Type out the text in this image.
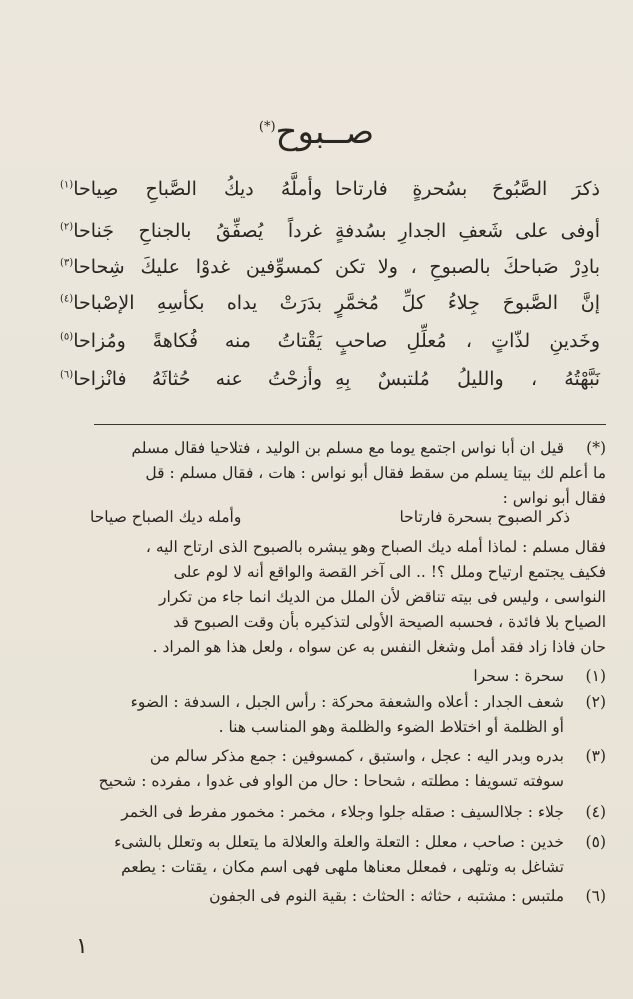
صــبوح(*)
ذكرَ الصَّبُوحَ بسُحرةٍ فارتاحا
وأملَّهُ ديكُ الصَّباحِ صِياحا$^{(١)}$
أوفى على شَعفِ الجدارِ بسُدفةٍ
غرداً يُصفِّقُ بالجناحِ جَناحا$^{(٢)}$
بادِرْ صَباحكَ بالصبوحِ ، ولا تكن
كمسوِّفين غدوْا عليكَ شِحاحا$^{(٣)}$
إنَّ الصَّبوحَ جِلاءُ كلِّ مُخمَّرٍ
بدَرَتْ يداه بكأسِهِ الإصْباحا$^{(٤)}$
وخَدينِ لذّاتٍ ، مُعلِّلِ صاحبٍ
يَقْتاتُ منه فُكاهةً ومُزاحا$^{(٥)}$
نَبَّهْتُهُ ، والليلُ مُلتبسٌ بِهِ
وأزحْتُ عنه حُثاثَهُ فانْزاحا$^{(٦)}$
(*)
قيل ان أبا نواس اجتمع يوما مع مسلم بن الوليد ، فتلاحيا فقال مسلم
ما أعلم لك بيتا يسلم من سقط فقال أبو نواس : هات ، فقال مسلم : قل
فقال أبو نواس :
ذكر الصبوح بسحرة فارتاحا
وأمله ديك الصباح صياحا
فقال مسلم : لماذا أمله ديك الصباح وهو يبشره بالصبوح الذى ارتاح اليه ،
فكيف يجتمع ارتياح وملل ؟! .. الى آخر القصة والواقع أنه لا لوم على
النواسى ، وليس فى بيته تناقض لأن الملل من الديك انما جاء من تكرار
الصياح بلا فائدة ، فحسبه الصيحة الأولى لتذكيره بأن وقت الصبوح قد
حان فاذا زاد فقد أمل وشغل النفس به عن سواه ، ولعل هذا هو المراد .
(١)
سحرة : سحرا
(٢)
شعف الجدار : أعلاه والشعفة محركة : رأس الجبل ، السدفة : الضوء
أو الظلمة أو اختلاط الضوء والظلمة وهو المناسب هنا .
(٣)
بدره وبدر اليه : عجل ، واستبق ، كمسوفين : جمع مذكر سالم من
سوفته تسويفا : مطلته ، شحاحا : حال من الواو فى غدوا ، مفرده : شحيح
(٤)
جلاء : جلاالسيف : صقله جلوا وجلاء ، مخمر : مخمور مفرط فى الخمر
(٥)
خدين : صاحب ، معلل : التعلة والعلة والعلالة ما يتعلل به وتعلل بالشىء
تشاغل به وتلهى ، فمعلل معناها ملهى فهى اسم مكان ، يقتات : يطعم
(٦)
ملتبس : مشتبه ، حثاثه : الحثاث : بقية النوم فى الجفون
١
